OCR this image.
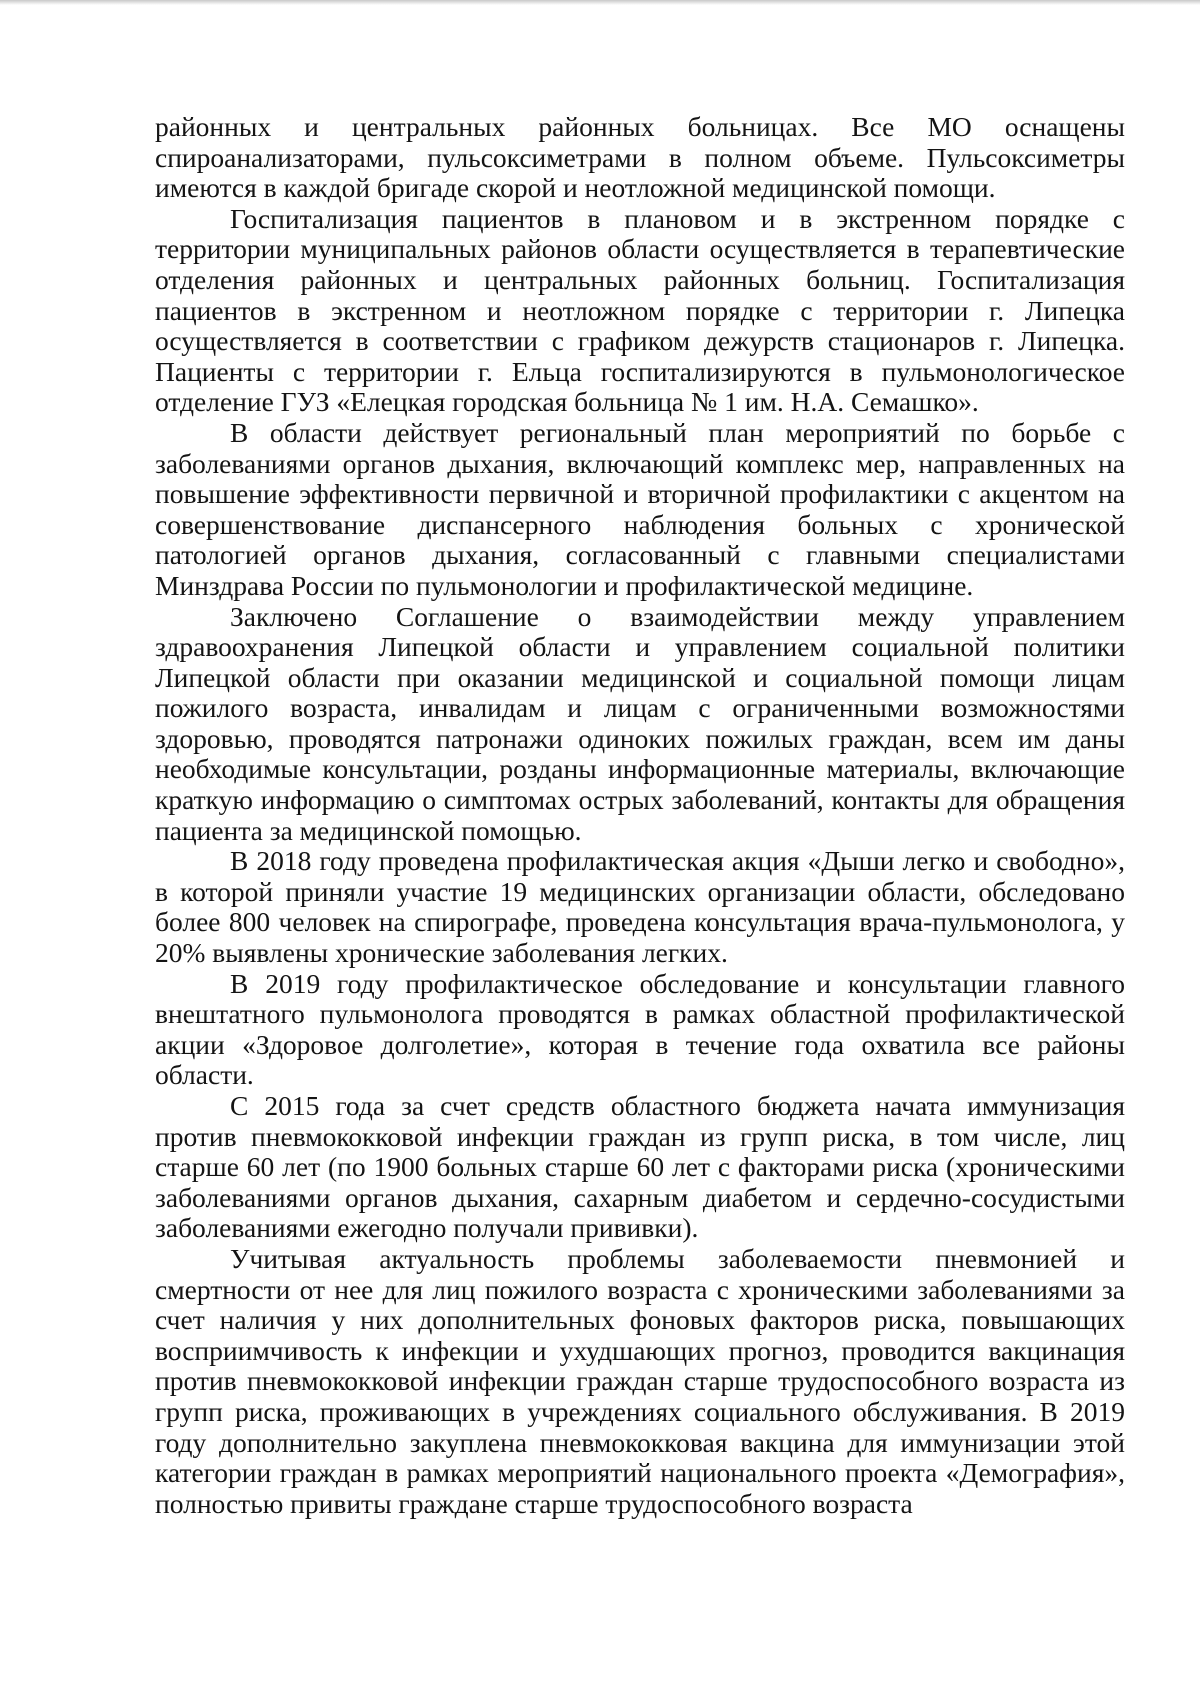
районных и центральных районных больницах. Все МО оснащены спироанализаторами, пульсоксиметрами в полном объеме. Пульсоксиметры имеются в каждой бригаде скорой и неотложной медицинской помощи.

Госпитализация пациентов в плановом и в экстренном порядке с территории муниципальных районов области осуществляется в терапевтические отделения районных и центральных районных больниц. Госпитализация пациентов в экстренном и неотложном порядке с территории г. Липецка осуществляется в соответствии с графиком дежурств стационаров г. Липецка. Пациенты с территории г. Ельца госпитализируются в пульмонологическое отделение ГУЗ «Елецкая городская больница № 1 им. Н.А. Семашко».

В области действует региональный план мероприятий по борьбе с заболеваниями органов дыхания, включающий комплекс мер, направленных на повышение эффективности первичной и вторичной профилактики с акцентом на совершенствование диспансерного наблюдения больных с хронической патологией органов дыхания, согласованный с главными специалистами Минздрава России по пульмонологии и профилактической медицине.

Заключено Соглашение о взаимодействии между управлением здравоохранения Липецкой области и управлением социальной политики Липецкой области при оказании медицинской и социальной помощи лицам пожилого возраста, инвалидам и лицам с ограниченными возможностями здоровью, проводятся патронажи одиноких пожилых граждан, всем им даны необходимые консультации, розданы информационные материалы, включающие краткую информацию о симптомах острых заболеваний, контакты для обращения пациента за медицинской помощью.

В 2018 году проведена профилактическая акция «Дыши легко и свободно», в которой приняли участие 19 медицинских организации области, обследовано более 800 человек на спирографе, проведена консультация врача-пульмонолога, у 20% выявлены хронические заболевания легких.

В 2019 году профилактическое обследование и консультации главного внештатного пульмонолога проводятся в рамках областной профилактической акции «Здоровое долголетие», которая в течение года охватила все районы области.

С 2015 года за счет средств областного бюджета начата иммунизация против пневмококковой инфекции граждан из групп риска, в том числе, лиц старше 60 лет (по 1900 больных старше 60 лет с факторами риска (хроническими заболеваниями органов дыхания, сахарным диабетом и сердечно-сосудистыми заболеваниями ежегодно получали прививки).

Учитывая актуальность проблемы заболеваемости пневмонией и смертности от нее для лиц пожилого возраста с хроническими заболеваниями за счет наличия у них дополнительных фоновых факторов риска, повышающих восприимчивость к инфекции и ухудшающих прогноз, проводится вакцинация против пневмококковой инфекции граждан старше трудоспособного возраста из групп риска, проживающих в учреждениях социального обслуживания. В 2019 году дополнительно закуплена пневмококковая вакцина для иммунизации этой категории граждан в рамках мероприятий национального проекта «Демография», полностью привиты граждане старше трудоспособного возраста
